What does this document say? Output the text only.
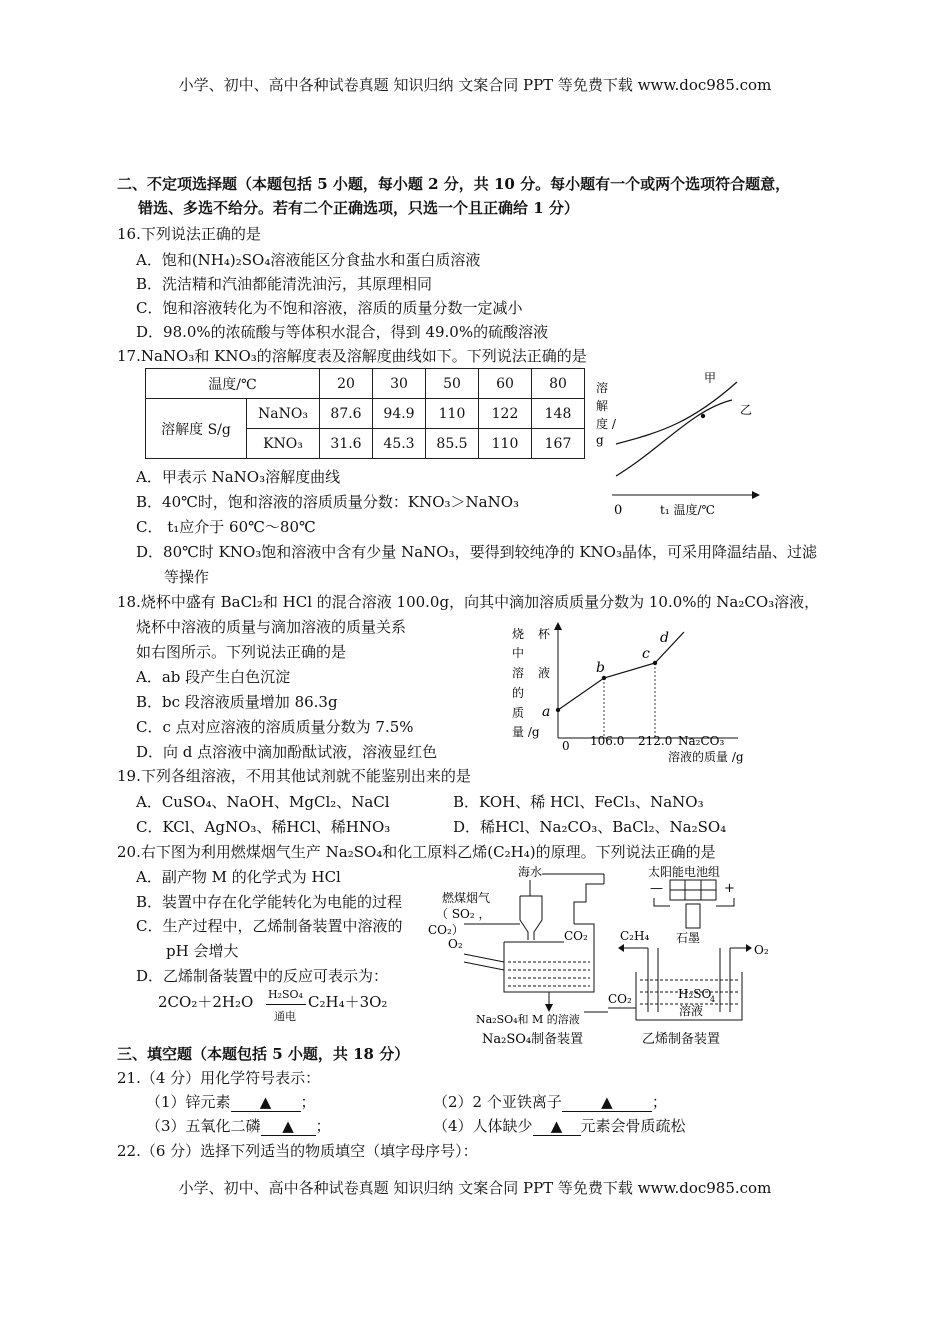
小学、初中、高中各种试卷真题 知识归纳 文案合同 PPT 等免费下载 www.doc985.com
小学、初中、高中各种试卷真题 知识归纳 文案合同 PPT 等免费下载 www.doc985.com
二、不定项选择题（本题包括 5 小题，每小题 2 分，共 10 分。每小题有一个或两个选项符合题意，
错选、多选不给分。若有二个正确选项，只选一个且正确给 1 分）
16.下列说法正确的是
A．饱和(NH₄)₂SO₄溶液能区分食盐水和蛋白质溶液
B．洗洁精和汽油都能清洗油污，其原理相同
C．饱和溶液转化为不饱和溶液，溶质的质量分数一定减小
D．98.0%的浓硫酸与等体积水混合，得到 49.0%的硫酸溶液
17.NaNO₃和 KNO₃的溶解度表及溶解度曲线如下。下列说法正确的是
温度/℃		20	30	50	60	80
溶解度 S/g	NaNO₃	87.6	94.9	110	122	148
	KNO₃	31.6	45.3	85.5	110	167
溶
解
度 /
g
甲
乙
0	t₁ 温度/℃
A．甲表示 NaNO₃溶解度曲线
B．40℃时，饱和溶液的溶质质量分数：KNO₃＞NaNO₃
C． t₁应介于 60℃～80℃
D．80℃时 KNO₃饱和溶液中含有少量 NaNO₃，要得到较纯净的 KNO₃晶体，可采用降温结晶、过滤
等操作
18.烧杯中盛有 BaCl₂和 HCl 的混合溶液 100.0g，向其中滴加溶质质量分数为 10.0%的 Na₂CO₃溶液，
烧杯中溶液的质量与滴加溶液的质量关系
如右图所示。下列说法正确的是
A．ab 段产生白色沉淀
B．bc 段溶液质量增加 86.3g
C．c 点对应溶液的溶质质量分数为 7.5%
D．向 d 点溶液中滴加酚酞试液，溶液显红色
烧 杯
中
溶 液
的
质
量 /g
a
b
c
d
0 106.0 212.0 Na₂CO₃
溶液的质量 /g
19.下列各组溶液，不用其他试剂就不能鉴别出来的是
A．CuSO₄、NaOH、MgCl₂、NaCl	B．KOH、稀 HCl、FeCl₃、NaNO₃
C．KCl、AgNO₃、稀HCl、稀HNO₃	D．稀HCl、Na₂CO₃、BaCl₂、Na₂SO₄
20.右下图为利用燃煤烟气生产 Na₂SO₄和化工原料乙烯(C₂H₄)的原理。下列说法正确的是
A．副产物 M 的化学式为 HCl
B．装置中存在化学能转化为电能的过程
C．生产过程中，乙烯制备装置中溶液的
pH 会增大
D．乙烯制备装置中的反应可表示为：
2CO₂＋2H₂O H₂SO₄
通电
C₂H₄＋3O₂
海水
燃煤烟气
（ SO₂ ，
CO₂）
O₂
CO₂
Na₂SO₄和 M 的溶液
Na₂SO₄制备装置
太阳能电池组
—	+
石墨
C₂H₄
O₂
H₂SO
4
溶液
CO₂
乙烯制备装置
三、填空题（本题包括 5 小题，共 18 分）
21.（4 分）用化学符号表示：
（1）锌元素 ▲ ；	（2）2 个亚铁离子	▲	；
（3）五氧化二磷 ▲ ；	（4）人体缺少 ▲ 元素会骨质疏松
22.（6 分）选择下列适当的物质填空（填字母序号）：
